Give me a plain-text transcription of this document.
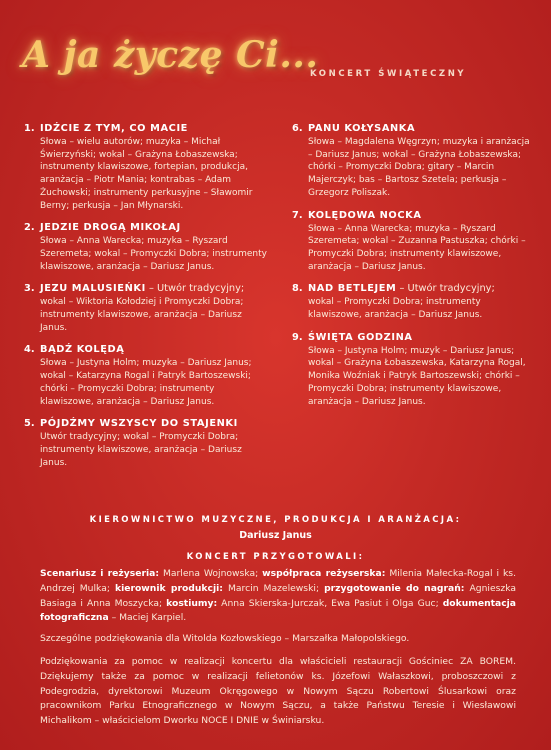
A ja życzę Ci...
KONCERT ŚWIĄTECZNY
1. IDŹCIE Z TYM, CO MACIE
Słowa – wielu autorów; muzyka – Michał Świerzyński; wokal – Grażyna Łobaszewska; instrumenty klawiszowe, fortepian, produkcja, aranżacja – Piotr Mania; kontrabas – Adam Żuchowski; instrumenty perkusyjne – Sławomir Berny; perkusja – Jan Młynarski.
2. JEDZIE DROGĄ MIKOŁAJ
Słowa – Anna Warecka; muzyka – Ryszard Szeremeta; wokal – Promyczki Dobra; instrumenty klawiszowe, aranżacja – Dariusz Janus.
3. JEZU MALUSIEŃKI – Utwór tradycyjny;
wokal – Wiktoria Kołodziej i Promyczki Dobra; instrumenty klawiszowe, aranżacja – Dariusz Janus.
4. BĄDŹ KOLĘDĄ
Słowa – Justyna Holm; muzyka – Dariusz Janus; wokal – Katarzyna Rogal i Patryk Bartoszewski; chórki – Promyczki Dobra; instrumenty klawiszowe, aranżacja – Dariusz Janus.
5. PÓJDŹMY WSZYSCY DO STAJENKI
Utwór tradycyjny; wokal – Promyczki Dobra; instrumenty klawiszowe, aranżacja – Dariusz Janus.
6. PANU KOŁYSANKA
Słowa – Magdalena Węgrzyn; muzyka i aranżacja – Dariusz Janus; wokal – Grażyna Łobaszewska; chórki – Promyczki Dobra; gitary – Marcin Majerczyk; bas – Bartosz Szetela; perkusja – Grzegorz Poliszak.
7. KOLĘDOWA NOCKA
Słowa – Anna Warecka; muzyka – Ryszard Szeremeta; wokal – Zuzanna Pastuszka; chórki – Promyczki Dobra; instrumenty klawiszowe, aranżacja – Dariusz Janus.
8. NAD BETLEJEM – Utwór tradycyjny;
wokal – Promyczki Dobra; instrumenty klawiszowe, aranżacja – Dariusz Janus.
9. ŚWIĘTA GODZINA
Słowa – Justyna Holm; muzyk – Dariusz Janus; wokal – Grażyna Łobaszewska, Katarzyna Rogal, Monika Woźniak i Patryk Bartoszewski; chórki – Promyczki Dobra; instrumenty klawiszowe, aranżacja – Dariusz Janus.
KIEROWNICTWO MUZYCZNE, PRODUKCJA I ARANŻACJA:
Dariusz Janus
KONCERT PRZYGOTOWALI:
Scenariusz i reżyseria: Marlena Wojnowska; współpraca reżyserska: Milenia Małecka-Rogal i ks. Andrzej Mulka; kierownik produkcji: Marcin Mazelewski; przygotowanie do nagrań: Agnieszka Basiaga i Anna Moszycka; kostiumy: Anna Skierska-Jurczak, Ewa Pasiut i Olga Guc; dokumentacja fotograficzna – Maciej Karpiel.
Szczególne podziękowania dla Witolda Kozłowskiego – Marszałka Małopolskiego.
Podziękowania za pomoc w realizacji koncertu dla właścicieli restauracji Gościniec ZA BOREM. Dziękujemy także za pomoc w realizacji felietonów ks. Józefowi Wałaszkowi, proboszczowi z Podegrodzia, dyrektorowi Muzeum Okręgowego w Nowym Sączu Robertowi Ślusarkowi oraz pracownikom Parku Etnograficznego w Nowym Sączu, a także Państwu Teresie i Wiesławowi Michalikom – właścicielom Dworku NOCE I DNIE w Świniarsku.
